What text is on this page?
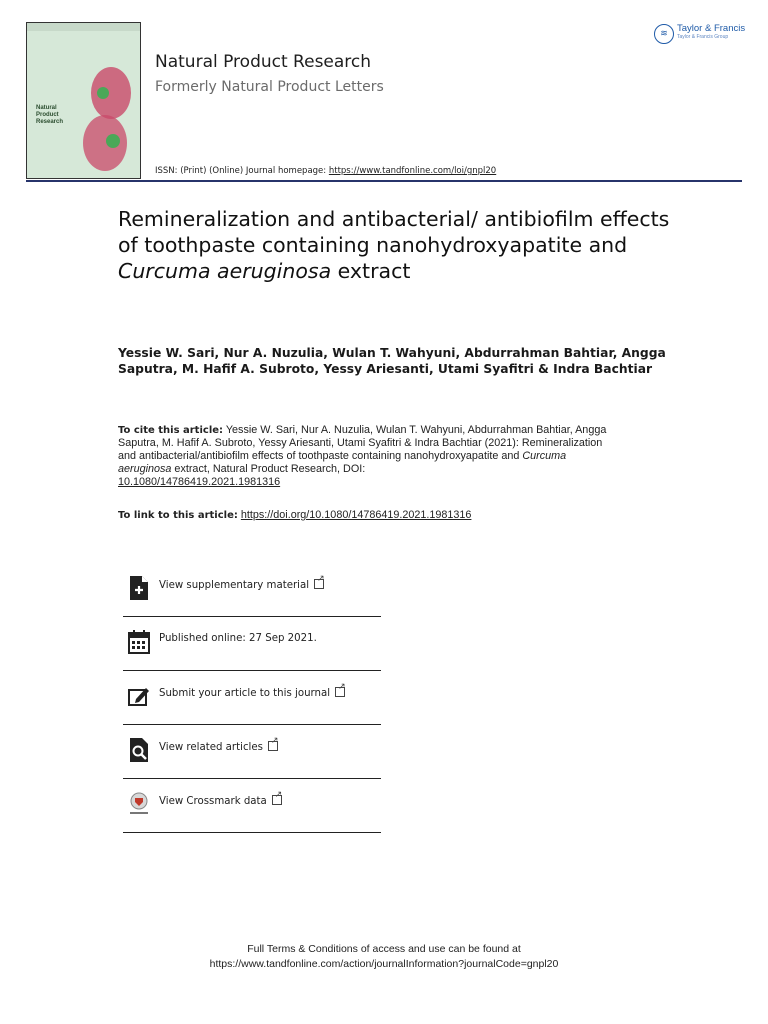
Natural
Product
Research
Natural Product Research
Formerly Natural Product Letters
ISSN: (Print) (Online) Journal homepage: https://www.tandfonline.com/loi/gnpl20
≋ Taylor & Francis
Taylor & Francis Group
Remineralization and antibacterial/ antibiofilm effects of toothpaste containing nanohydroxyapatite and Curcuma aeruginosa extract
Yessie W. Sari, Nur A. Nuzulia, Wulan T. Wahyuni, Abdurrahman Bahtiar, Angga Saputra, M. Hafif A. Subroto, Yessy Ariesanti, Utami Syafitri & Indra Bachtiar
To cite this article: Yessie W. Sari, Nur A. Nuzulia, Wulan T. Wahyuni, Abdurrahman Bahtiar, Angga Saputra, M. Hafif A. Subroto, Yessy Ariesanti, Utami Syafitri & Indra Bachtiar (2021): Remineralization and antibacterial/antibiofilm effects of toothpaste containing nanohydroxyapatite and Curcuma aeruginosa extract, Natural Product Research, DOI:
10.1080/14786419.2021.1981316
To link to this article: https://doi.org/10.1080/14786419.2021.1981316
View supplementary material↗
Published online: 27 Sep 2021.
Submit your article to this journal↗
View related articles↗
View Crossmark data↗
Full Terms & Conditions of access and use can be found at
https://www.tandfonline.com/action/journalInformation?journalCode=gnpl20
